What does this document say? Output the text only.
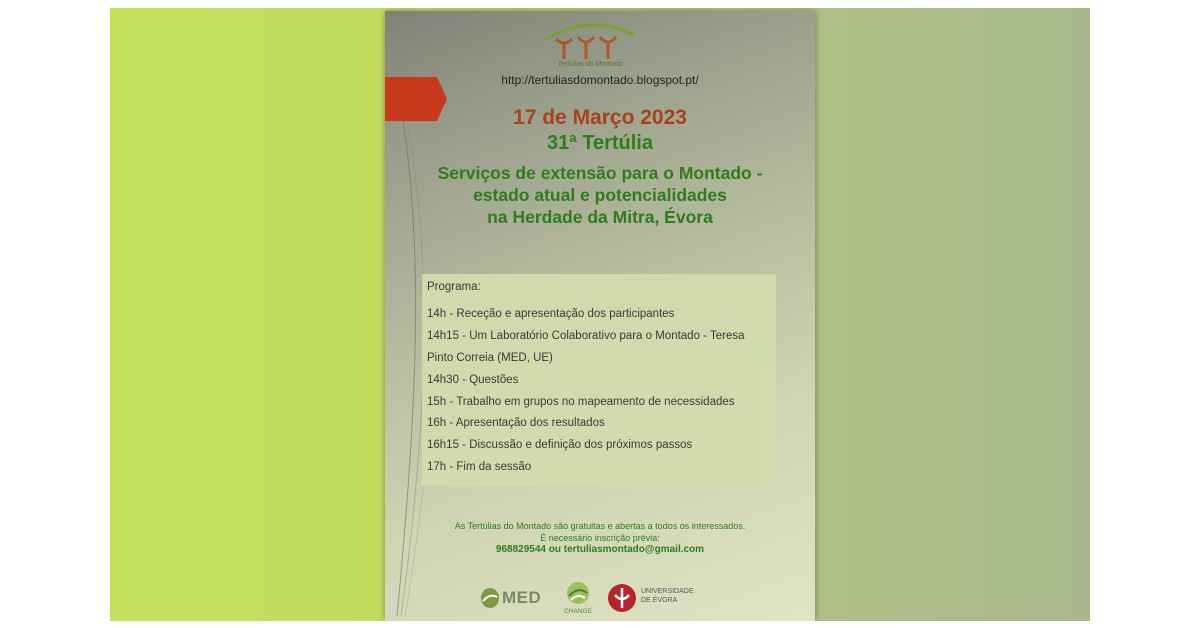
Tertúlias do Montado
http://tertuliasdomontado.blogspot.pt/
17 de Março 2023
31ª Tertúlia
Serviços de extensão para o Montado -
estado atual e potencialidades
na Herdade da Mitra, Évora
Programa:
14h - Receção e apresentação dos participantes
14h15 - Um Laboratório Colaborativo para o Montado - Teresa
Pinto Correia (MED, UE)
14h30 - Questões
15h - Trabalho em grupos no mapeamento de necessidades
16h - Apresentação dos resultados
16h15 - Discussão e definição dos próximos passos
17h - Fim da sessão
As Tertúlias do Montado são gratuitas e abertas a todos os interessados.
É necessário inscrição prévia:
968829544 ou tertuliasmontado@gmail.com
MED
CHANGE
UNIVERSIDADE
DE ÉVORA
